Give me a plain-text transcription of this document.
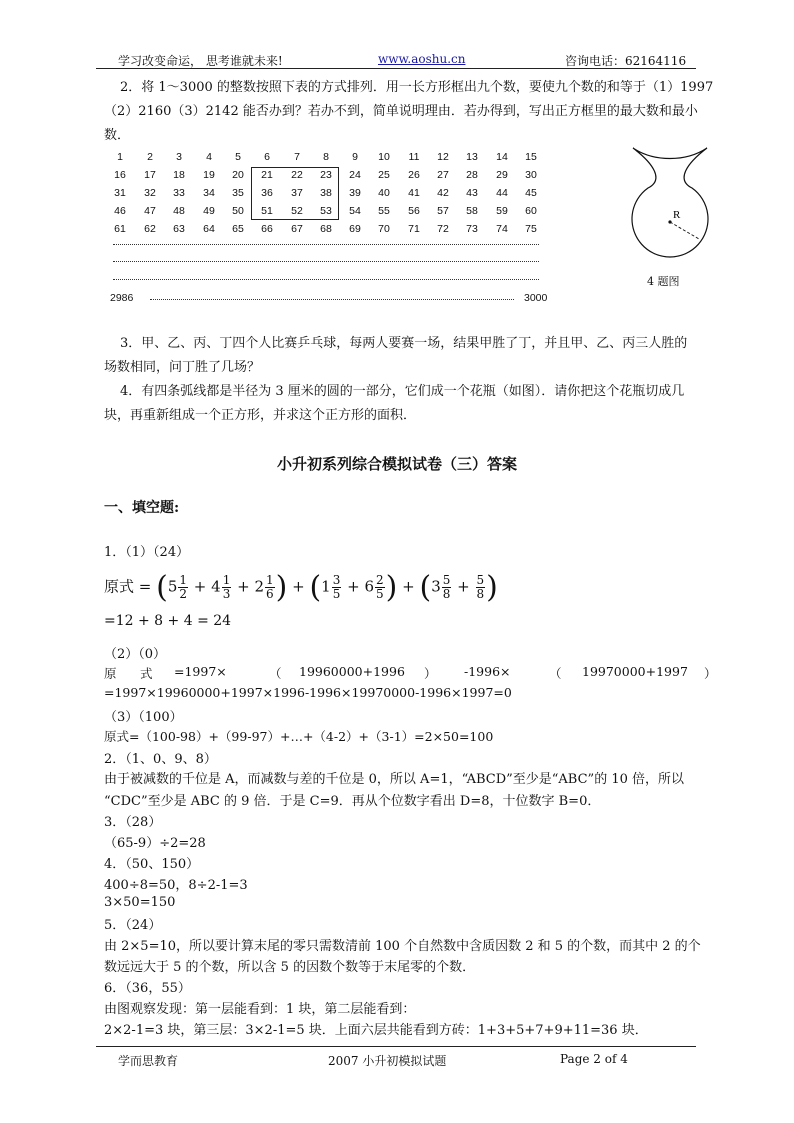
学习改变命运， 思考谁就未来!	www.aoshu.cn	咨询电话：62164116
2．将 1～3000 的整数按照下表的方式排列．用一长方形框出九个数，要使九个数的和等于（1）1997
（2）2160（3）2142 能否办到？若办不到，简单说明理由．若办得到，写出正方框里的最大数和最小
数．
1	2	3	4	5	6	7	8	9	10	11	12	13	14	15
16	17	18	19	20	21	22	23	24	25	26	27	28	29	30
31	32	33	34	35	36	37	38	39	40	41	42	43	44	45
46	47	48	49	50	51	52	53	54	55	56	57	58	59	60
61	62	63	64	65	66	67	68	69	70	71	72	73	74	75
2986	3000
R
4 题图
3．甲、乙、丙、丁四个人比赛乒乓球，每两人要赛一场，结果甲胜了丁，并且甲、乙、丙三人胜的
场数相同，问丁胜了几场？
4．有四条弧线都是半径为 3 厘米的圆的一部分，它们成一个花瓶（如图）．请你把这个花瓶切成几
块，再重新组成一个正方形，并求这个正方形的面积．
小升初系列综合模拟试卷（三）答案
一、填空题:
1．（1）（24）
原式 = ($5 \frac{1}{2} + 4 \frac{1}{3} + 2 \frac{1}{6}$ ) + ($1 \frac{3}{5} + 6 \frac{2}{5}$ ) + ($3 \frac{5}{8} + \frac{5}{8}$ )
=12 + 8 + 4 = 24
（2）（0）
原 式 =1997×	（ 19960000+1996 ） -1996×	（ 19970000+1997 ）
=1997×19960000+1997×1996-1996×19970000-1996×1997=0
（3）（100）
原式=（100-98）+（99-97）+…+（4-2）+（3-1）=2×50=100
2．（1、0、9、8）
由于被减数的千位是 A，而减数与差的千位是 0，所以 A=1，“ABCD”至少是“ABC”的 10 倍，所以
“CDC”至少是 ABC 的 9 倍．于是 C=9．再从个位数字看出 D=8，十位数字 B=0．
3．（28）
（65-9）÷2=28
4．（50、150）
400÷8=50，8÷2-1=3
3×50=150
5．（24）
由 2×5=10，所以要计算末尾的零只需数清前 100 个自然数中含质因数 2 和 5 的个数，而其中 2 的个
数远远大于 5 的个数，所以含 5 的因数个数等于末尾零的个数．
6．（36，55）
由图观察发现：第一层能看到：1 块，第二层能看到：
2×2-1=3 块，第三层：3×2-1=5 块．上面六层共能看到方砖：1+3+5+7+9+11=36 块．
学而思教育	2007 小升初模拟试题	Page 2 of 4
